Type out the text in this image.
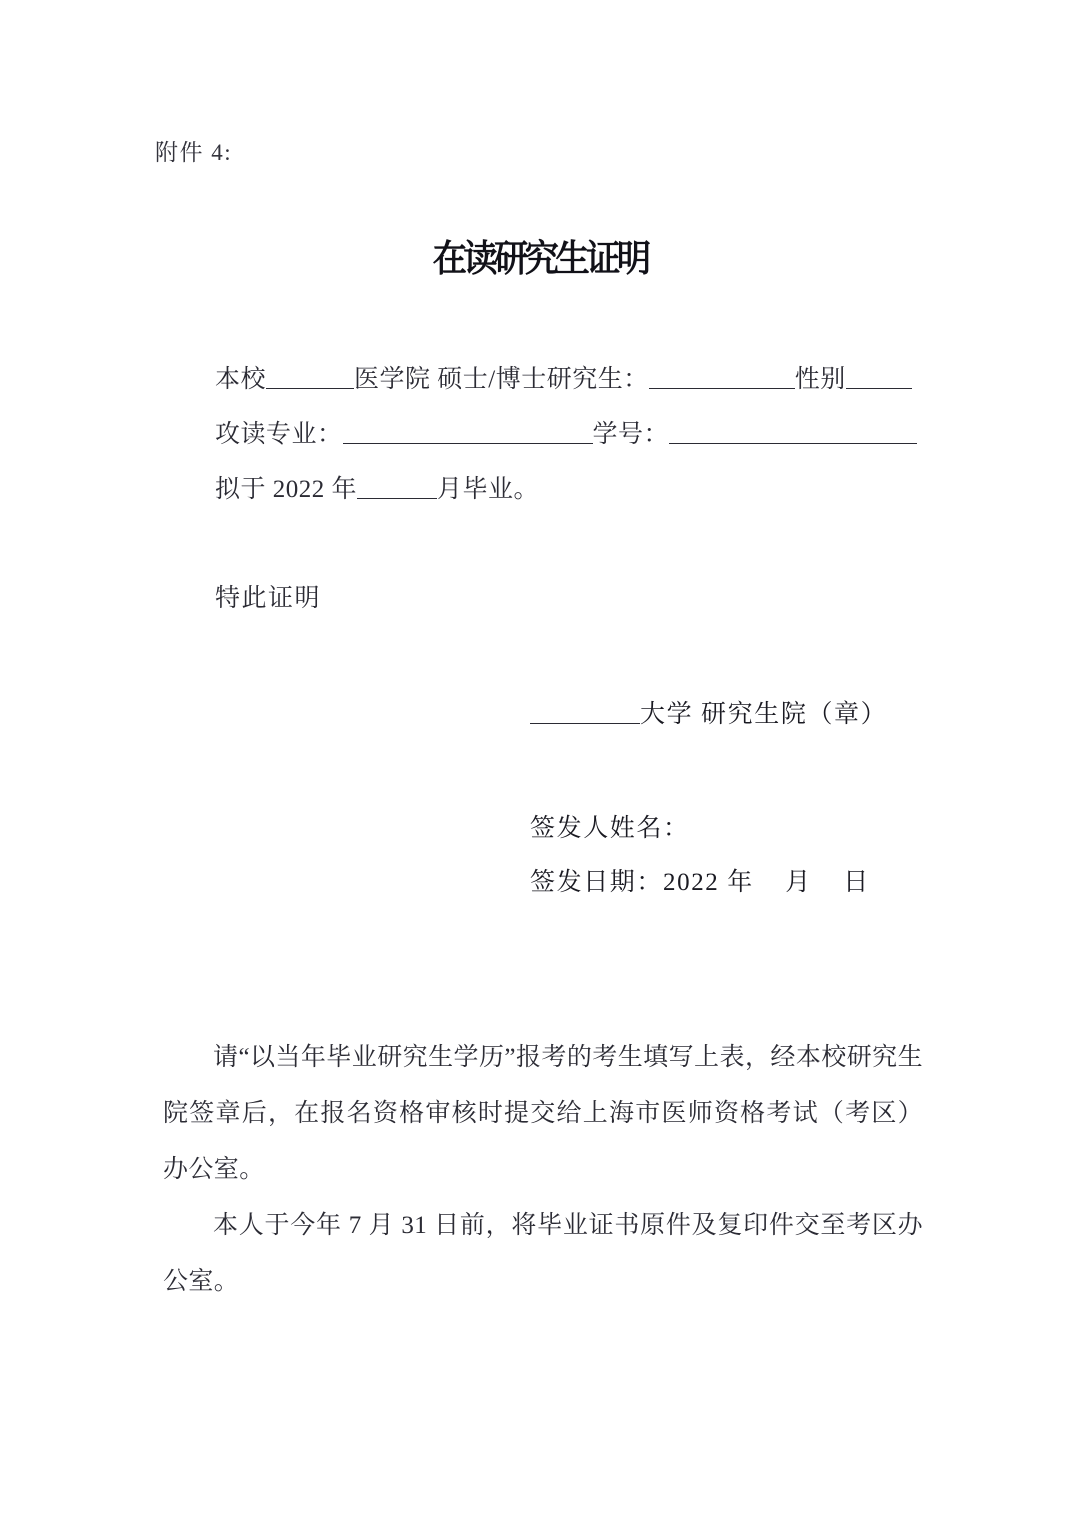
附件 4:
在读研究生证明
本校	医学院 硕士/博士研究生：	性别
攻读专业：	学号：
拟于 2022 年	月毕业。
特此证明
大学 研究生院（章）
签发人姓名：
签发日期：2022 年    月    日

请“以当年毕业研究生学历”报考的考生填写上表，经本校研究生院签章后，在报名资格审核时提交给上海市医师资格考试（考区）办公室。

本人于今年 7 月 31 日前，将毕业证书原件及复印件交至考区办公室。
